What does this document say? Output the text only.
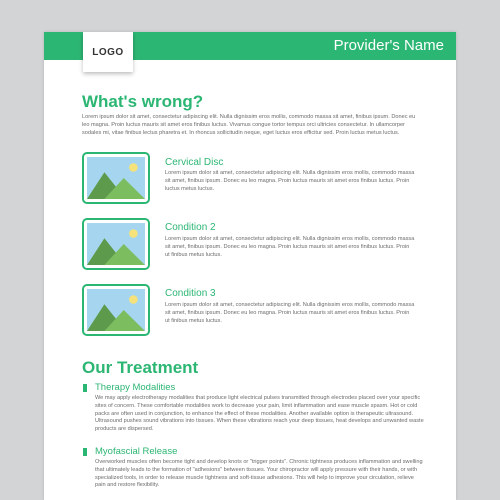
Provider's Name
LOGO
What's wrong?

Lorem ipsum dolor sit amet, consectetur adipiscing elit. Nulla dignissim eros mollis, commodo massa sit amet, finibus ipsum. Donec eu leo magna. Proin luctus mauris sit amet eros finibus luctus. Vivamus congue tortor tempus orci ultricies consectetur. In ullamcorper sodales mi, vitae finibus lectus pharetra et. In rhoncus sollicitudin neque, eget luctus eros efficitur sed. Proin luctus metus luctus.

Cervical Disc

Lorem ipsum dolor sit amet, consectetur adipiscing elit. Nulla dignissim eros mollis, commodo massa sit amet, finibus ipsum. Donec eu leo magna. Proin luctus mauris sit amet eros finibus luctus. Proin luctus metus luctus.

Condition 2

Lorem ipsum dolor sit amet, consectetur adipiscing elit. Nulla dignissim eros mollis, commodo massa sit amet, finibus ipsum. Donec eu leo magna. Proin luctus mauris sit amet eros finibus luctus. Proin ut finibus metus luctus.

Condition 3

Lorem ipsum dolor sit amet, consectetur adipiscing elit. Nulla dignissim eros mollis, commodo massa sit amet, finibus ipsum. Donec eu leo magna. Proin luctus mauris sit amet eros finibus luctus. Proin ut finibus metus luctus.

Our Treatment
Therapy Modalities

We may apply electrotherapy modalities that produce light electrical pulses transmitted through electrodes placed over your specific sites of concern. These comfortable modalities work to decrease your pain, limit inflammation and ease muscle spasm. Hot or cold packs are often used in conjunction, to enhance the effect of these modalities. Another available option is therapeutic ultrasound. Ultrasound pushes sound vibrations into tissues. When these vibrations reach your deep tissues, heat develops and unwanted waste products are dispersed.

Myofascial Release

Overworked muscles often become tight and develop knots or "trigger points". Chronic tightness produces inflammation and swelling that ultimately leads to the formation of "adhesions" between tissues. Your chiropractor will apply pressure with their hands, or with specialized tools, in order to release muscle tightness and soft-tissue adhesions. This will help to improve your circulation, relieve pain and restore flexibility.
